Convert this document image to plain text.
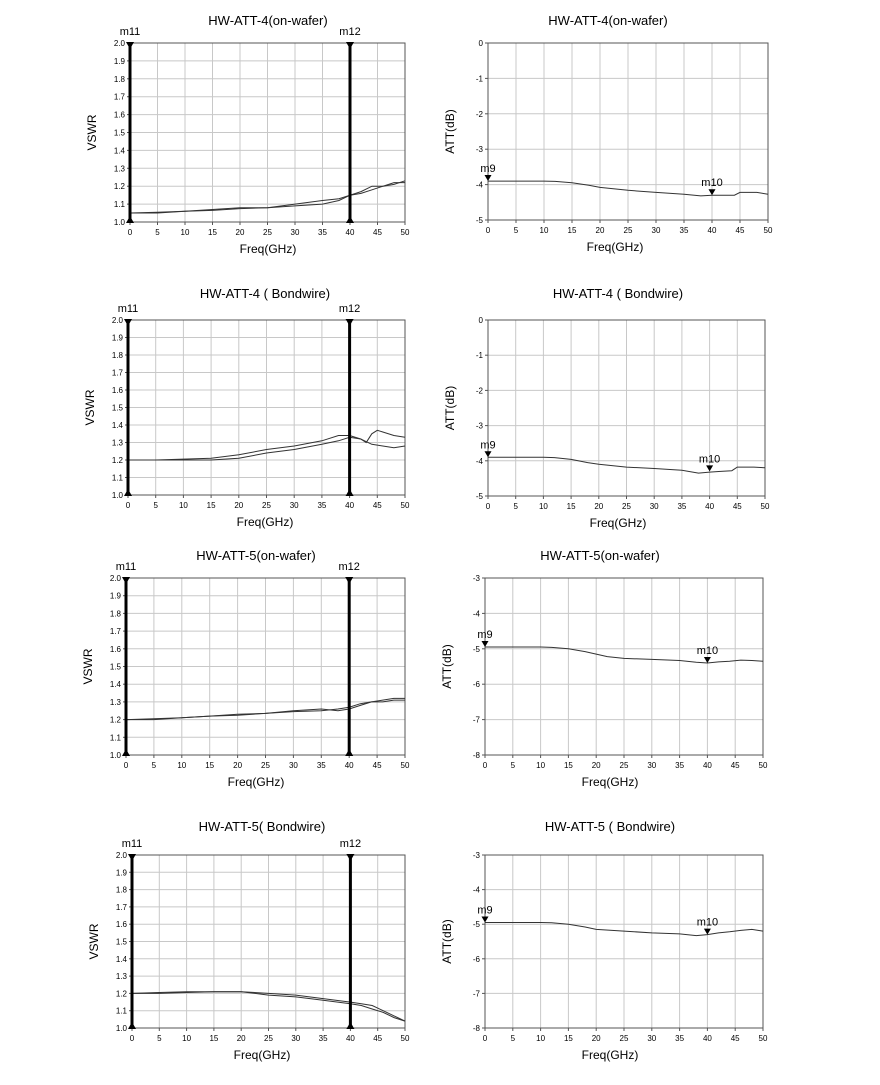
0	5	10 15 20 25 30 35 40 45 50
1.0
1.1
1.2
1.3
1.4
1.5
1.6
1.7
1.8
1.9
2.0
HW-ATT-4(on-wafer)
Freq(GHz)
VSWR
m11	m12
0	5	10 15 20 25 30 35 40 45 50
-5
-4
-3
-2
-1
0
HW-ATT-4(on-wafer)
Freq(GHz)
ATT(dB)
m9
m10
0	5	10 15 20 25 30 35 40 45 50
1.0
1.1
1.2
1.3
1.4
1.5
1.6
1.7
1.8
1.9
2.0
HW-ATT-4 ( Bondwire)
Freq(GHz)
VSWR
m11	m12
0	5	10 15 20 25 30 35 40 45 50
-5
-4
-3
-2
-1
0
HW-ATT-4 ( Bondwire)
Freq(GHz)
ATT(dB)
m9
m10
0	5	10 15 20 25 30 35 40 45 50
1.0
1.1
1.2
1.3
1.4
1.5
1.6
1.7
1.8
1.9
2.0
HW-ATT-5(on-wafer)
Freq(GHz)
VSWR
m11	m12
0	5	10 15 20 25 30 35 40 45 50
-8
-7
-6
-5
-4
-3
HW-ATT-5(on-wafer)
Freq(GHz)
ATT(dB)
m9
m10
0	5	10 15 20 25 30 35 40 45 50
1.0
1.1
1.2
1.3
1.4
1.5
1.6
1.7
1.8
1.9
2.0
HW-ATT-5( Bondwire)
Freq(GHz)
VSWR
m11	m12
0	5	10 15 20 25 30 35 40 45 50
-8
-7
-6
-5
-4
-3
HW-ATT-5 ( Bondwire)
Freq(GHz)
ATT(dB)
m9
m10
